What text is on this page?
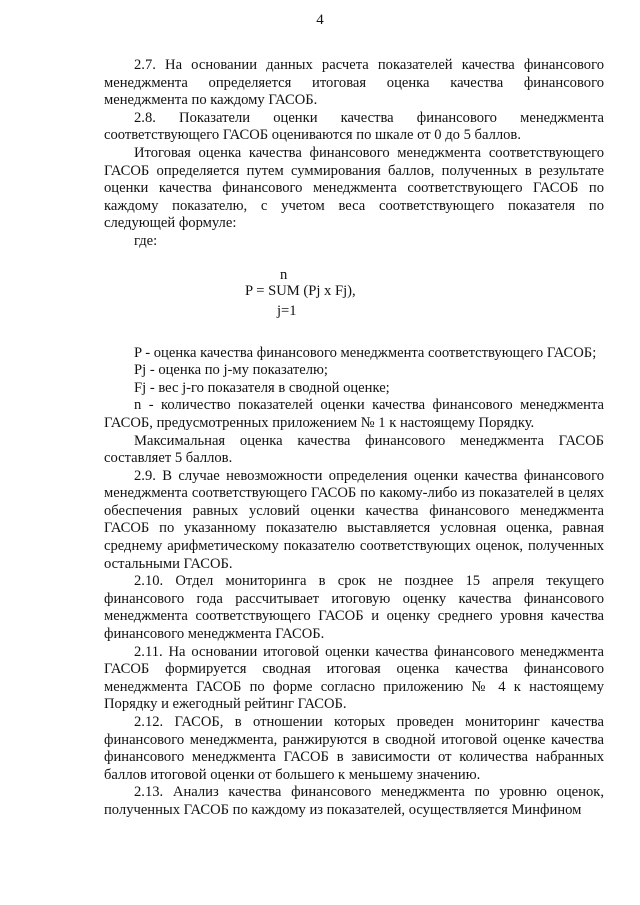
4

2.7. На основании данных расчета показателей качества финансового менеджмента определяется итоговая оценка качества финансового менеджмента по каждому ГАСОБ.

2.8. Показатели оценки качества финансового менеджмента соответствующего ГАСОБ оцениваются по шкале от 0 до 5 баллов.

Итоговая оценка качества финансового менеджмента соответствующего ГАСОБ определяется путем суммирования баллов, полученных в результате оценки качества финансового менеджмента соответствующего ГАСОБ по каждому показателю, с учетом веса соответствующего показателя по следующей формуле:

где:

n
P = SUM (Pj x Fj),
j=1

P - оценка качества финансового менеджмента соответствующего ГАСОБ;

Pj - оценка по j-му показателю;

Fj - вес j-го показателя в сводной оценке;

n - количество показателей оценки качества финансового менеджмента ГАСОБ, предусмотренных приложением № 1 к настоящему Порядку.

Максимальная оценка качества финансового менеджмента ГАСОБ составляет 5 баллов.

2.9. В случае невозможности определения оценки качества финансового менеджмента соответствующего ГАСОБ по какому-либо из показателей в целях обеспечения равных условий оценки качества финансового менеджмента ГАСОБ по указанному показателю выставляется условная оценка, равная среднему арифметическому показателю соответствующих оценок, полученных остальными ГАСОБ.

2.10. Отдел мониторинга в срок не позднее 15 апреля текущего финансового года рассчитывает итоговую оценку качества финансового менеджмента соответствующего ГАСОБ и оценку среднего уровня качества финансового менеджмента ГАСОБ.

2.11. На основании итоговой оценки качества финансового менеджмента ГАСОБ формируется сводная итоговая оценка качества финансового менеджмента ГАСОБ по форме согласно приложению № 4 к настоящему Порядку и ежегодный рейтинг ГАСОБ.

2.12. ГАСОБ, в отношении которых проведен мониторинг качества финансового менеджмента, ранжируются в сводной итоговой оценке качества финансового менеджмента ГАСОБ в зависимости от количества набранных баллов итоговой оценки от большего к меньшему значению.

2.13. Анализ качества финансового менеджмента по уровню оценок, полученных ГАСОБ по каждому из показателей, осуществляется Минфином
